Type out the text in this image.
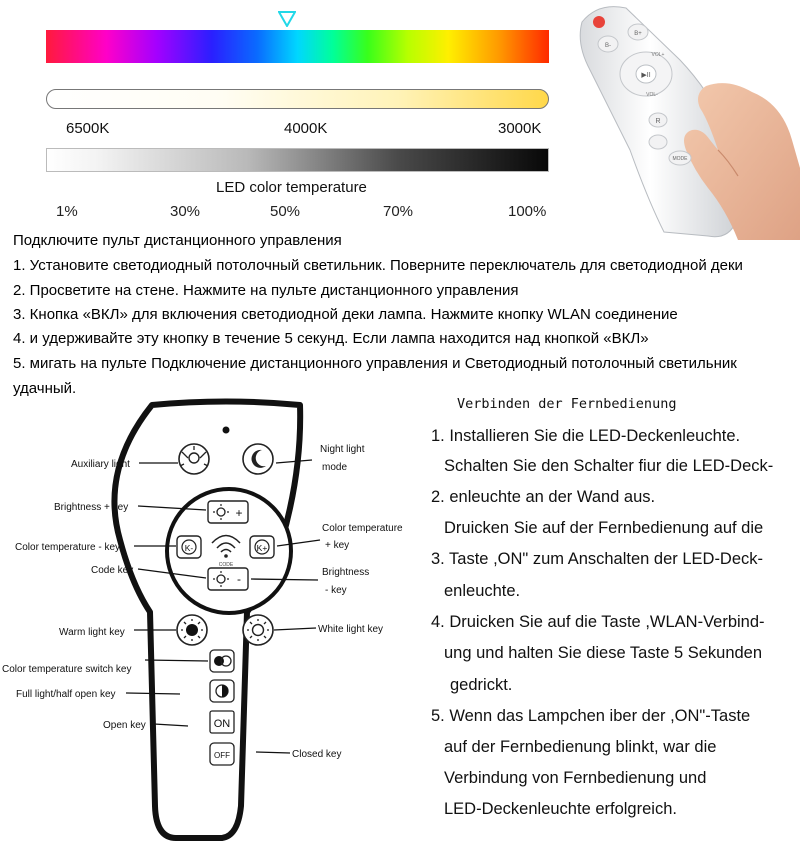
6500K	4000K	3000K
LED color temperature
1%	30%	50%	70%	100%
B+
B-
▶II
VOL+
VOL-
R
MODE
Подключите пульт дистанционного управления
1. Установите светодиодный потолочный светильник. Поверните переключатель для светодиодной деки
2. Просветите на стене. Нажмите на пульте дистанционного управления
3. Кнопка «ВКЛ» для включения светодиодной деки лампа. Нажмите кнопку WLAN соединение
4. и удерживайте эту кнопку в течение 5 секунд. Если лампа находится над кнопкой «ВКЛ»
5. мигать на пульте Подключение дистанционного управления и Светодиодный потолочный светильник
удачный.
+
-
K-	K+
CODE
ON
OFF
Auxiliary light
Night light
mode
Brightness + key
Color temperature
+ key
Color temperature - key
Code key	Brightness
- key
Warm light key	White light key
Color temperature switch key
Full light/half open key
Open key
Closed key
Verbinden der Fernbedienung
1. Installieren Sie die LED-Deckenleuchte.
Schalten Sie den Schalter fiur die LED-Deck-
2. enleuchte an der Wand aus.
Druicken Sie auf der Fernbedienung auf die
3. Taste ,ON" zum Anschalten der LED-Deck-
enleuchte.
4. Druicken Sie auf die Taste ,WLAN-Verbind-
ung und halten Sie diese Taste 5 Sekunden
gedrickt.
5. Wenn das Lampchen iber der ,ON"-Taste
auf der Fernbedienung blinkt, war die
Verbindung von Fernbedienung und
LED-Deckenleuchte erfolgreich.
